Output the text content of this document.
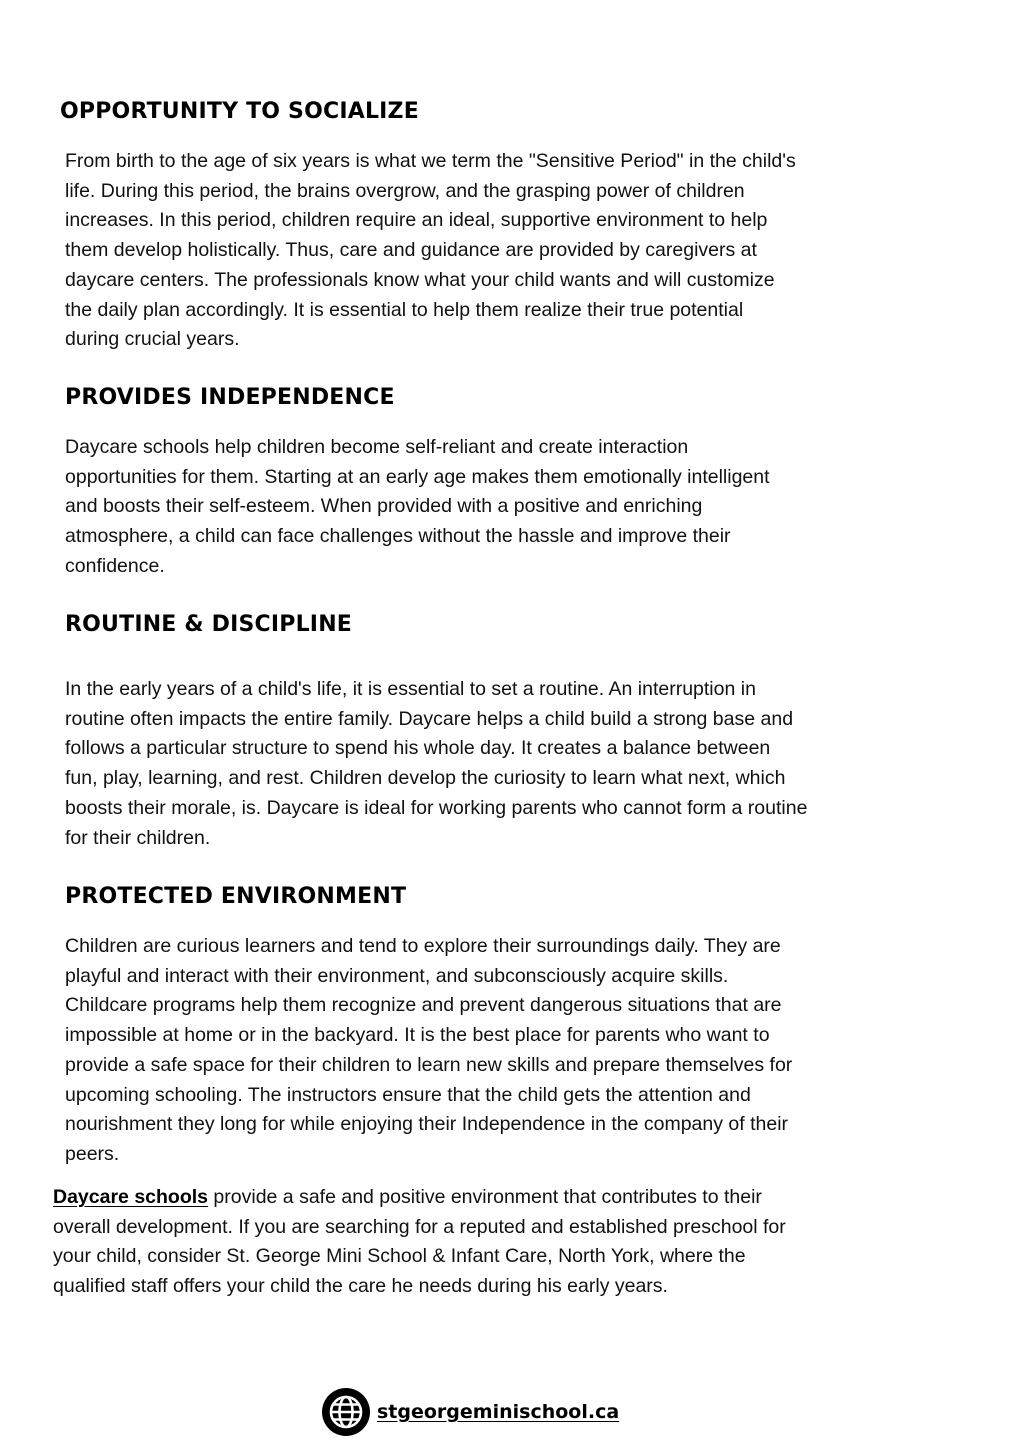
OPPORTUNITY TO SOCIALIZE

From birth to the age of six years is what we term the "Sensitive Period" in the child's
life. During this period, the brains overgrow, and the grasping power of children
increases. In this period, children require an ideal, supportive environment to help
them develop holistically. Thus, care and guidance are provided by caregivers at
daycare centers. The professionals know what your child wants and will customize
the daily plan accordingly. It is essential to help them realize their true potential
during crucial years.

PROVIDES INDEPENDENCE

Daycare schools help children become self-reliant and create interaction
opportunities for them. Starting at an early age makes them emotionally intelligent
and boosts their self-esteem. When provided with a positive and enriching
atmosphere, a child can face challenges without the hassle and improve their
confidence.

ROUTINE & DISCIPLINE

In the early years of a child's life, it is essential to set a routine. An interruption in
routine often impacts the entire family. Daycare helps a child build a strong base and
follows a particular structure to spend his whole day. It creates a balance between
fun, play, learning, and rest. Children develop the curiosity to learn what next, which
boosts their morale, is. Daycare is ideal for working parents who cannot form a routine
for their children.

PROTECTED ENVIRONMENT

Children are curious learners and tend to explore their surroundings daily. They are
playful and interact with their environment, and subconsciously acquire skills.
Childcare programs help them recognize and prevent dangerous situations that are
impossible at home or in the backyard. It is the best place for parents who want to
provide a safe space for their children to learn new skills and prepare themselves for
upcoming schooling. The instructors ensure that the child gets the attention and
nourishment they long for while enjoying their Independence in the company of their
peers.

Daycare schools provide a safe and positive environment that contributes to their
overall development. If you are searching for a reputed and established preschool for
your child, consider St. George Mini School & Infant Care, North York, where the
qualified staff offers your child the care he needs during his early years.

stgeorgeminischool.ca
